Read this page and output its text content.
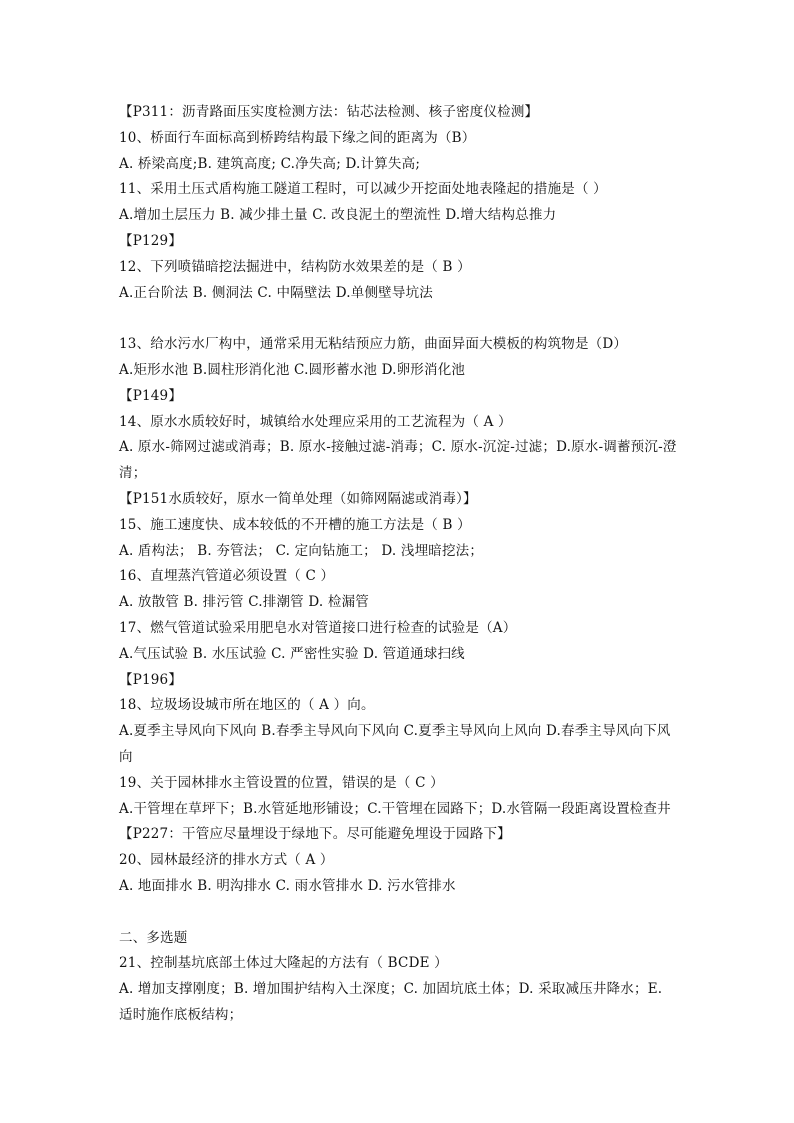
【P311：沥青路面压实度检测方法：钻芯法检测、核子密度仪检测】
10、桥面行车面标高到桥跨结构最下缘之间的距离为（B）
A. 桥梁高度;B. 建筑高度; C.净失高; D.计算失高;
11、采用土压式盾构施工隧道工程时，可以减少开挖面处地表隆起的措施是（ ）
A.增加土层压力 B. 减少排土量 C. 改良泥土的塑流性 D.增大结构总推力
【P129】
12、下列喷锚暗挖法掘进中，结构防水效果差的是（ B ）
A.正台阶法 B. 侧洞法 C. 中隔壁法 D.单侧壁导坑法
13、给水污水厂构中，通常采用无粘结预应力筋，曲面异面大模板的构筑物是（D）
A.矩形水池 B.圆柱形消化池 C.圆形蓄水池 D.卵形消化池
【P149】
14、原水水质较好时，城镇给水处理应采用的工艺流程为（ A ）
A. 原水-筛网过滤或消毒；B. 原水-接触过滤-消毒；C. 原水-沉淀-过滤；D.原水-调蓄预沉-澄清；
【P151水质较好，原水一简单处理（如筛网隔滤或消毒）】
15、施工速度快、成本较低的不开槽的施工方法是（ B ）
A. 盾构法； B. 夯管法； C. 定向钻施工； D. 浅埋暗挖法；
16、直埋蒸汽管道必须设置（ C ）
A. 放散管 B. 排污管 C.排潮管 D. 检漏管
17、燃气管道试验采用肥皂水对管道接口进行检查的试验是（A）
A.气压试验 B. 水压试验 C. 严密性实验 D. 管道通球扫线
【P196】
18、垃圾场设城市所在地区的（ A ）向。
A.夏季主导风向下风向 B.春季主导风向下风向 C.夏季主导风向上风向 D.春季主导风向下风向
19、关于园林排水主管设置的位置，错误的是（ C ）
A.干管埋在草坪下；B.水管延地形铺设；C.干管埋在园路下；D.水管隔一段距离设置检查井
【P227：干管应尽量埋设于绿地下。尽可能避免埋设于园路下】
20、园林最经济的排水方式（ A ）
A. 地面排水 B. 明沟排水 C. 雨水管排水 D. 污水管排水
二、多选题
21、控制基坑底部土体过大隆起的方法有（ BCDE ）
A. 增加支撑刚度；B. 增加围护结构入土深度；C. 加固坑底土体；D. 采取减压井降水；E. 适时施作底板结构；
